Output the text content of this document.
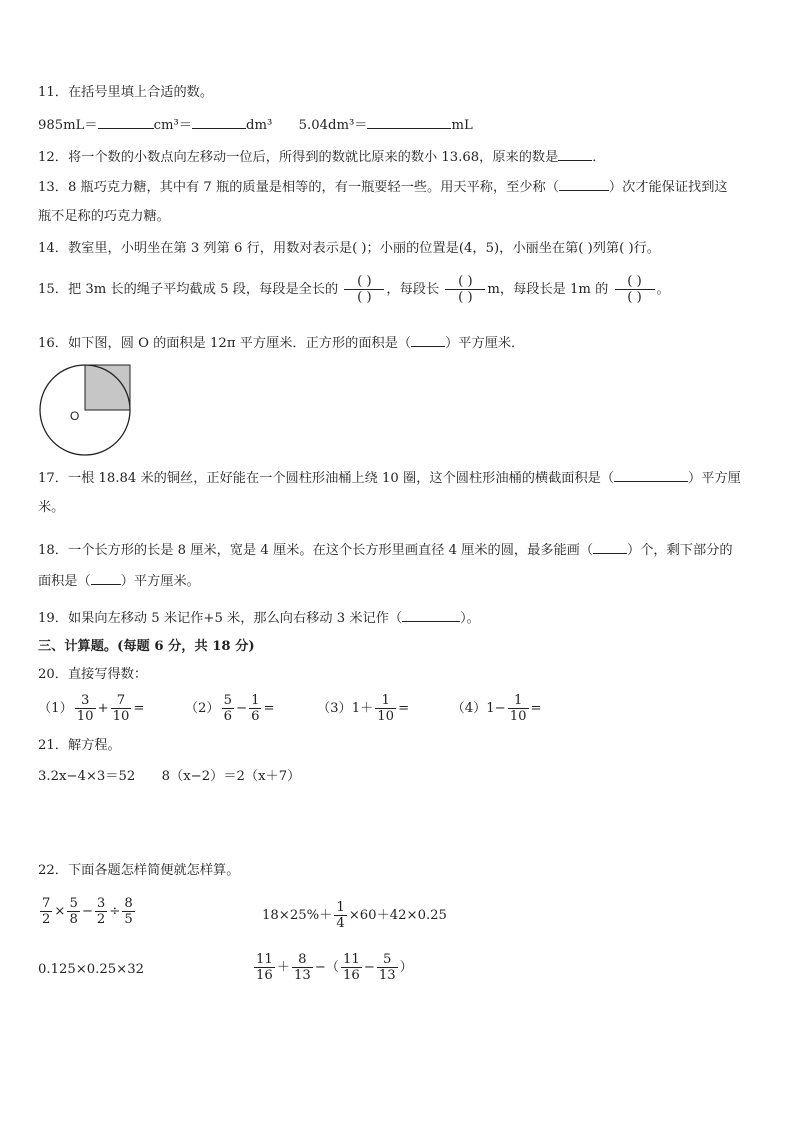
11．在括号里填上合适的数。
985mL＝	cm³＝	dm³ 5.04dm³＝	mL
12．将一个数的小数点向左移动一位后，所得到的数就比原来的数小 13.68，原来的数是	．
13．8 瓶巧克力糖，其中有 7 瓶的质量是相等的，有一瓶要轻一些。用天平称，至少称（	）次才能保证找到这
瓶不足称的巧克力糖。
14．教室里，小明坐在第 3 列第 6 行，用数对表示是( )；小丽的位置是(4，5)，小丽坐在第( )列第( )行。
15．把 3m 长的绳子平均截成 5 段，每段是全长的 $\frac{( )}{( )}$ ，每段长 $\frac{( )}{( )}$ m，每段长是 1m 的 $\frac{( )}{( )}$ 。
16．如下图，圆 O 的面积是 12π 平方厘米．正方形的面积是（	）平方厘米．
O
17．一根 18.84 米的铜丝，正好能在一个圆柱形油桶上绕 10 圈，这个圆柱形油桶的横截面积是（	）平方厘
米。
18．一个长方形的长是 8 厘米，宽是 4 厘米。在这个长方形里画直径 4 厘米的圆，最多能画（	）个，剩下部分的
面积是（ ）平方厘米。
19．如果向左移动 5 米记作+5 米，那么向右移动 3 米记作（	）。
三、计算题。(每题 6 分，共 18 分)
20．直接写得数：
$(1) \frac{3}{10} + \frac{7}{10}$ =	$(2) \frac{5}{6} - \frac{1}{6}$ =	$(3)1+ \frac{1}{10}$ =	$(4)1- \frac{1}{10}$ =
21．解方程。
3.2x−4×3＝52 8（x−2）＝2（x＋7）
22．下面各题怎样简便就怎样算。
$\frac{7}{2} \times \frac{5}{8} - \frac{3}{2} \div \frac{8}{5}$	$18\times 25\%+ \frac{1}{4} \times 60+42\times 0.25$
0.125×0.25×32	$\frac{11}{16} + \frac{8}{13}$ −（ $\frac{11}{16} - \frac{5}{13}$ ）
